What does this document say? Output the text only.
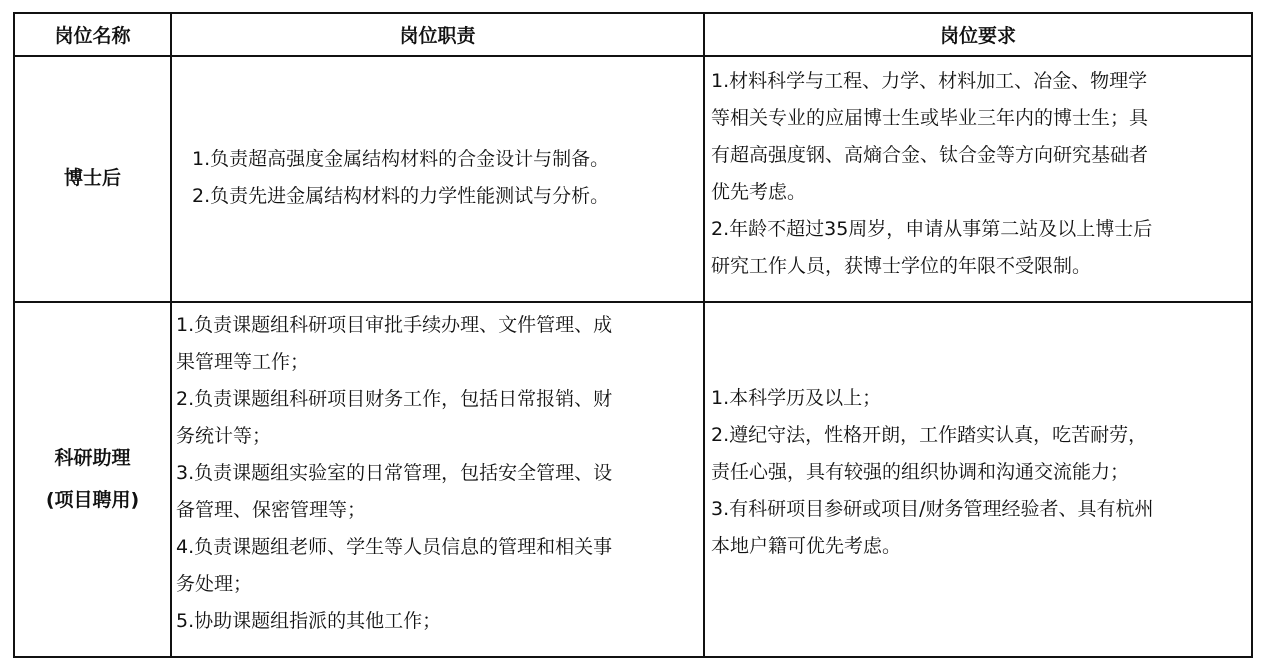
岗位名称	岗位职责	岗位要求
博士后
1.负责超高强度金属结构材料的合金设计与制备。
2.负责先进金属结构材料的力学性能测试与分析。
1.材料科学与工程、力学、材料加工、冶金、物理学
等相关专业的应届博士生或毕业三年内的博士生；具
有超高强度钢、高熵合金、钛合金等方向研究基础者
优先考虑。
2.年龄不超过35周岁，申请从事第二站及以上博士后
研究工作人员，获博士学位的年限不受限制。
科研助理
(项目聘用)
1.负责课题组科研项目审批手续办理、文件管理、成
果管理等工作；
2.负责课题组科研项目财务工作，包括日常报销、财
务统计等；
3.负责课题组实验室的日常管理，包括安全管理、设
备管理、保密管理等；
4.负责课题组老师、学生等人员信息的管理和相关事
务处理；
5.协助课题组指派的其他工作；
1.本科学历及以上；
2.遵纪守法，性格开朗，工作踏实认真，吃苦耐劳，
责任心强，具有较强的组织协调和沟通交流能力；
3.有科研项目参研或项目/财务管理经验者、具有杭州
本地户籍可优先考虑。
